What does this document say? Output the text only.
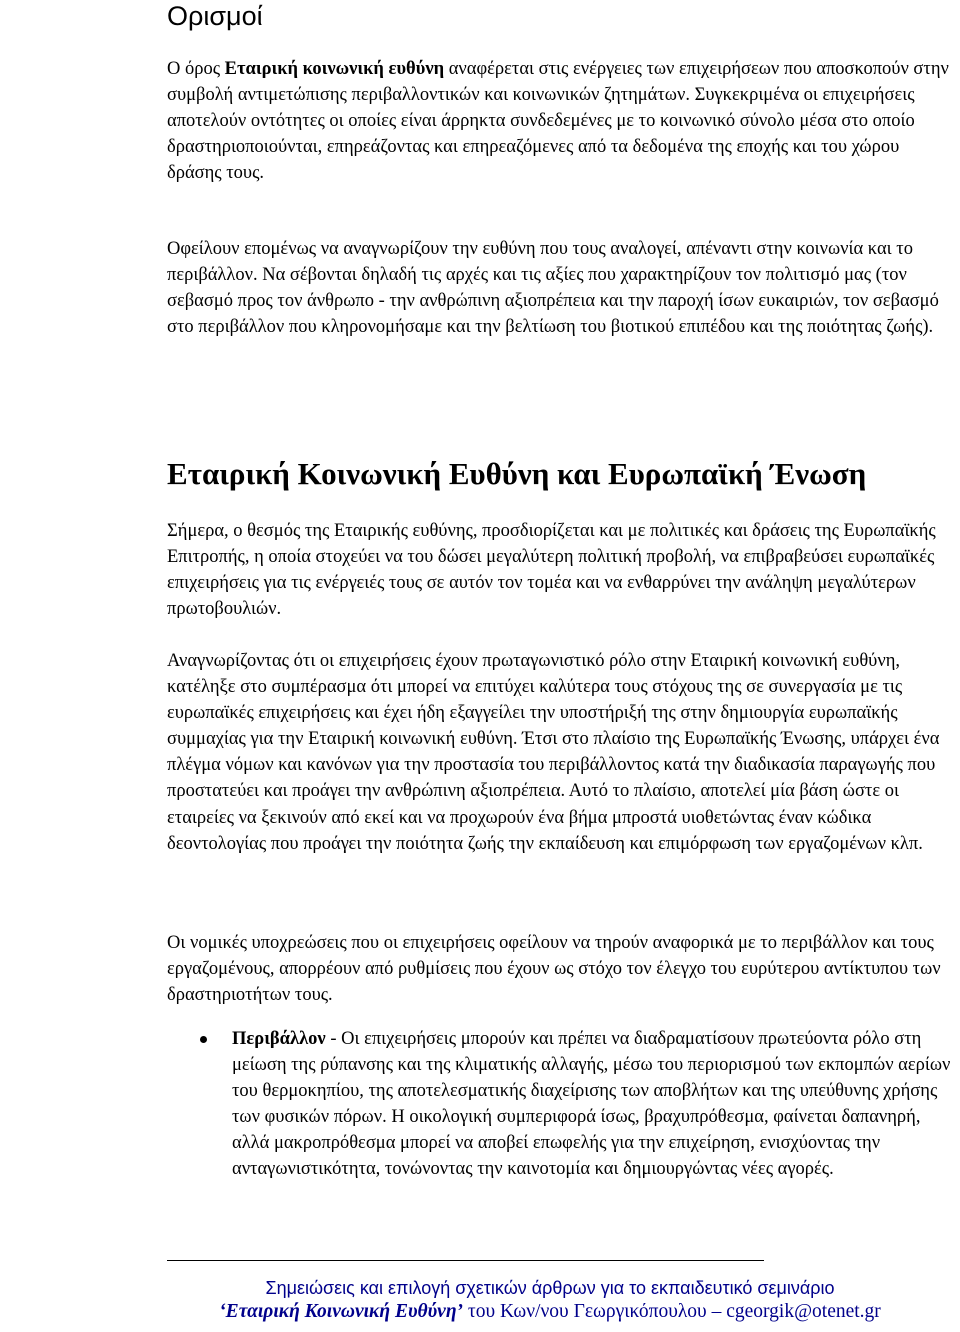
Ορισμοί

Ο όρος Εταιρική κοινωνική ευθύνη αναφέρεται στις ενέργειες των επιχειρήσεων που αποσκοπούν στην συμβολή αντιμετώπισης περιβαλλοντικών και κοινωνικών ζητημάτων. Συγκεκριμένα οι επιχειρήσεις αποτελούν οντότητες οι οποίες είναι άρρηκτα συνδεδεμένες με το κοινωνικό σύνολο μέσα στο οποίο δραστηριοποιούνται, επηρεάζοντας και επηρεαζόμενες από τα δεδομένα της εποχής και του χώρου δράσης τους.

Οφείλουν επομένως να αναγνωρίζουν την ευθύνη που τους αναλογεί, απέναντι στην κοινωνία και το περιβάλλον. Να σέβονται δηλαδή τις αρχές και τις αξίες που χαρακτηρίζουν τον πολιτισμό μας (τον σεβασμό προς τον άνθρωπο - την ανθρώπινη αξιοπρέπεια και την παροχή ίσων ευκαιριών, τον σεβασμό στο περιβάλλον που κληρονομήσαμε και την βελτίωση του βιοτικού επιπέδου και της ποιότητας ζωής).

Εταιρική Κοινωνική Ευθύνη και Ευρωπαϊκή Ένωση

Σήμερα, ο θεσμός της Εταιρικής ευθύνης, προσδιορίζεται και με πολιτικές και δράσεις της Ευρωπαϊκής Επιτροπής, η οποία στοχεύει να του δώσει μεγαλύτερη πολιτική προβολή, να επιβραβεύσει ευρωπαϊκές επιχειρήσεις για τις ενέργειές τους σε αυτόν τον τομέα και να ενθαρρύνει την ανάληψη μεγαλύτερων πρωτοβουλιών.

Αναγνωρίζοντας ότι οι επιχειρήσεις έχουν πρωταγωνιστικό ρόλο στην Εταιρική κοινωνική ευθύνη, κατέληξε στο συμπέρασμα ότι μπορεί να επιτύχει καλύτερα τους στόχους της σε συνεργασία με τις ευρωπαϊκές επιχειρήσεις και έχει ήδη εξαγγείλει την υποστήριξή της στην δημιουργία ευρωπαϊκής συμμαχίας για την Εταιρική κοινωνική ευθύνη. Έτσι στο πλαίσιο της Ευρωπαϊκής Ένωσης, υπάρχει ένα πλέγμα νόμων και κανόνων για την προστασία του περιβάλλοντος κατά την διαδικασία παραγωγής που προστατεύει και προάγει την ανθρώπινη αξιοπρέπεια. Αυτό το πλαίσιο, αποτελεί μία βάση ώστε οι εταιρείες να ξεκινούν από εκεί και να προχωρούν ένα βήμα μπροστά υιοθετώντας έναν κώδικα δεοντολογίας που προάγει την ποιότητα ζωής την εκπαίδευση και επιμόρφωση των εργαζομένων κλπ.

Οι νομικές υποχρεώσεις που οι επιχειρήσεις οφείλουν να τηρούν αναφορικά με το περιβάλλον και τους εργαζομένους, απορρέουν από ρυθμίσεις που έχουν ως στόχο τον έλεγχο του ευρύτερου αντίκτυπου των δραστηριοτήτων τους.

Περιβάλλον - Οι επιχειρήσεις μπορούν και πρέπει να διαδραματίσουν πρωτεύοντα ρόλο στη μείωση της ρύπανσης και της κλιματικής αλλαγής, μέσω του περιορισμού των εκπομπών αερίων του θερμοκηπίου, της αποτελεσματικής διαχείρισης των αποβλήτων και της υπεύθυνης χρήσης των φυσικών πόρων. Η οικολογική συμπεριφορά ίσως, βραχυπρόθεσμα, φαίνεται δαπανηρή, αλλά μακροπρόθεσμα μπορεί να αποβεί επωφελής για την επιχείρηση, ενισχύοντας την ανταγωνιστικότητα, τονώνοντας την καινοτομία και δημιουργώντας νέες αγορές.
Σημειώσεις και επιλογή σχετικών άρθρων για το εκπαιδευτικό σεμινάριο
‘Εταιρική Κοινωνική Ευθύνη’ του Κων/νου Γεωργικόπουλου – cgeorgik@otenet.gr
